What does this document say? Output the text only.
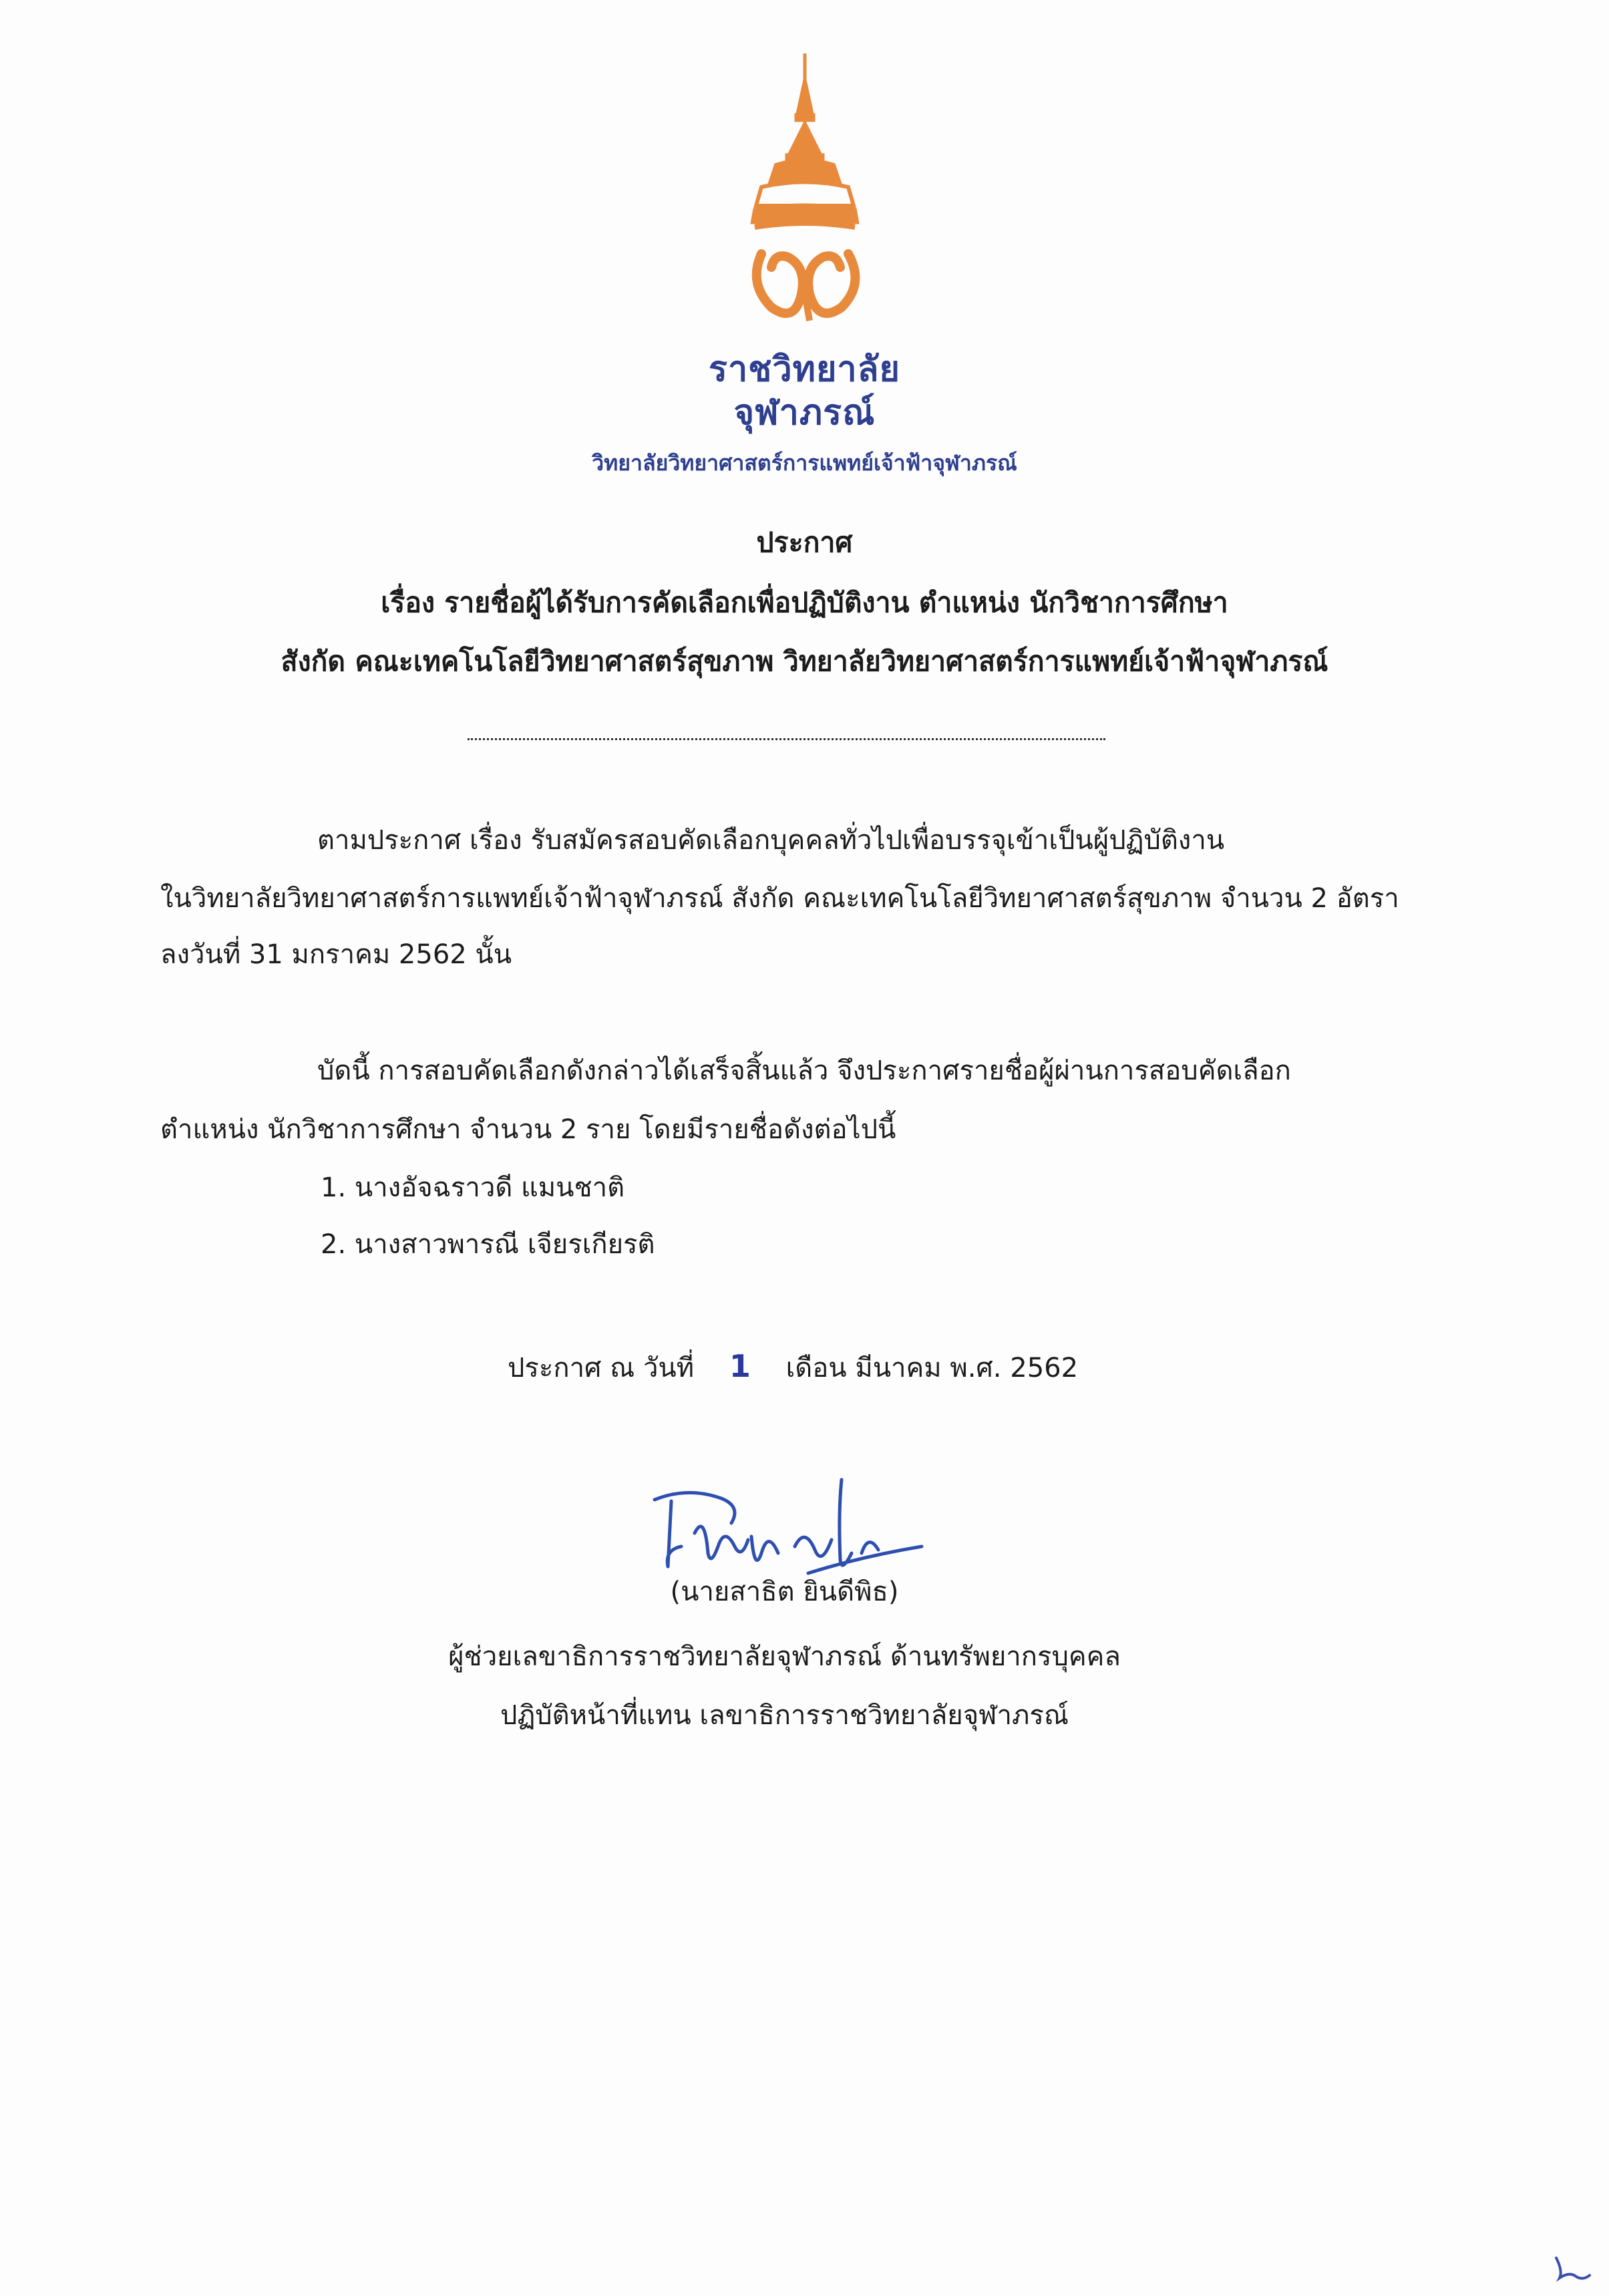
ราชวิทยาลัย
จุฬาภรณ์
วิทยาลัยวิทยาศาสตร์การแพทย์เจ้าฟ้าจุฬาภรณ์
ประกาศ
เรื่อง รายชื่อผู้ได้รับการคัดเลือกเพื่อปฏิบัติงาน ตำแหน่ง นักวิชาการศึกษา
สังกัด คณะเทคโนโลยีวิทยาศาสตร์สุขภาพ วิทยาลัยวิทยาศาสตร์การแพทย์เจ้าฟ้าจุฬาภรณ์
ตามประกาศ เรื่อง รับสมัครสอบคัดเลือกบุคคลทั่วไปเพื่อบรรจุเข้าเป็นผู้ปฏิบัติงาน
ในวิทยาลัยวิทยาศาสตร์การแพทย์เจ้าฟ้าจุฬาภรณ์ สังกัด คณะเทคโนโลยีวิทยาศาสตร์สุขภาพ จำนวน 2 อัตรา
ลงวันที่ 31 มกราคม 2562 นั้น
บัดนี้ การสอบคัดเลือกดังกล่าวได้เสร็จสิ้นแล้ว จึงประกาศรายชื่อผู้ผ่านการสอบคัดเลือก
ตำแหน่ง นักวิชาการศึกษา จำนวน 2 ราย โดยมีรายชื่อดังต่อไปนี้
1. นางอัจฉราวดี แมนชาติ
2. นางสาวพารณี เจียรเกียรติ
ประกาศ ณ วันที่ 1 เดือน มีนาคม พ.ศ. 2562
(นายสาธิต ยินดีพิธ)
ผู้ช่วยเลขาธิการราชวิทยาลัยจุฬาภรณ์ ด้านทรัพยากรบุคคล
ปฏิบัติหน้าที่แทน เลขาธิการราชวิทยาลัยจุฬาภรณ์
